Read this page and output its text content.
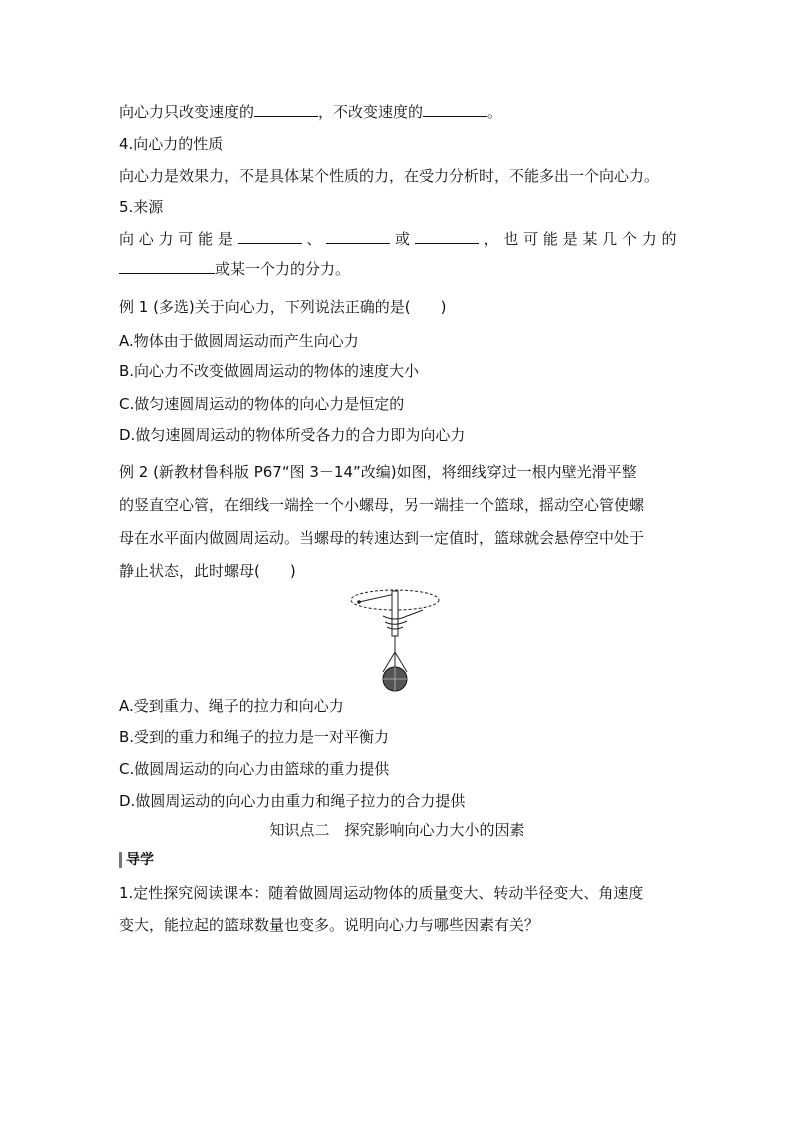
向心力只改变速度的	，不改变速度的	。
4.向心力的性质
向心力是效果力，不是具体某个性质的力，在受力分析时，不能多出一个向心力。
5.来源
向 心 力 可 能 是	、	或	， 也 可 能 是 某 几 个 力 的
或某一个力的分力。
例 1 (多选)关于向心力，下列说法正确的是(　　)
A.物体由于做圆周运动而产生向心力
B.向心力不改变做圆周运动的物体的速度大小
C.做匀速圆周运动的物体的向心力是恒定的
D.做匀速圆周运动的物体所受各力的合力即为向心力
例 2 (新教材鲁科版 P67“图 3－14”改编)如图，将细线穿过一根内壁光滑平整
的竖直空心管，在细线一端拴一个小螺母，另一端挂一个篮球，摇动空心管使螺
母在水平面内做圆周运动。当螺母的转速达到一定值时，篮球就会悬停空中处于
静止状态，此时螺母(　　)
A.受到重力、绳子的拉力和向心力
B.受到的重力和绳子的拉力是一对平衡力
C.做圆周运动的向心力由篮球的重力提供
D.做圆周运动的向心力由重力和绳子拉力的合力提供
知识点二　探究影响向心力大小的因素
导学
1.定性探究阅读课本：随着做圆周运动物体的质量变大、转动半径变大、角速度
变大，能拉起的篮球数量也变多。说明向心力与哪些因素有关？
